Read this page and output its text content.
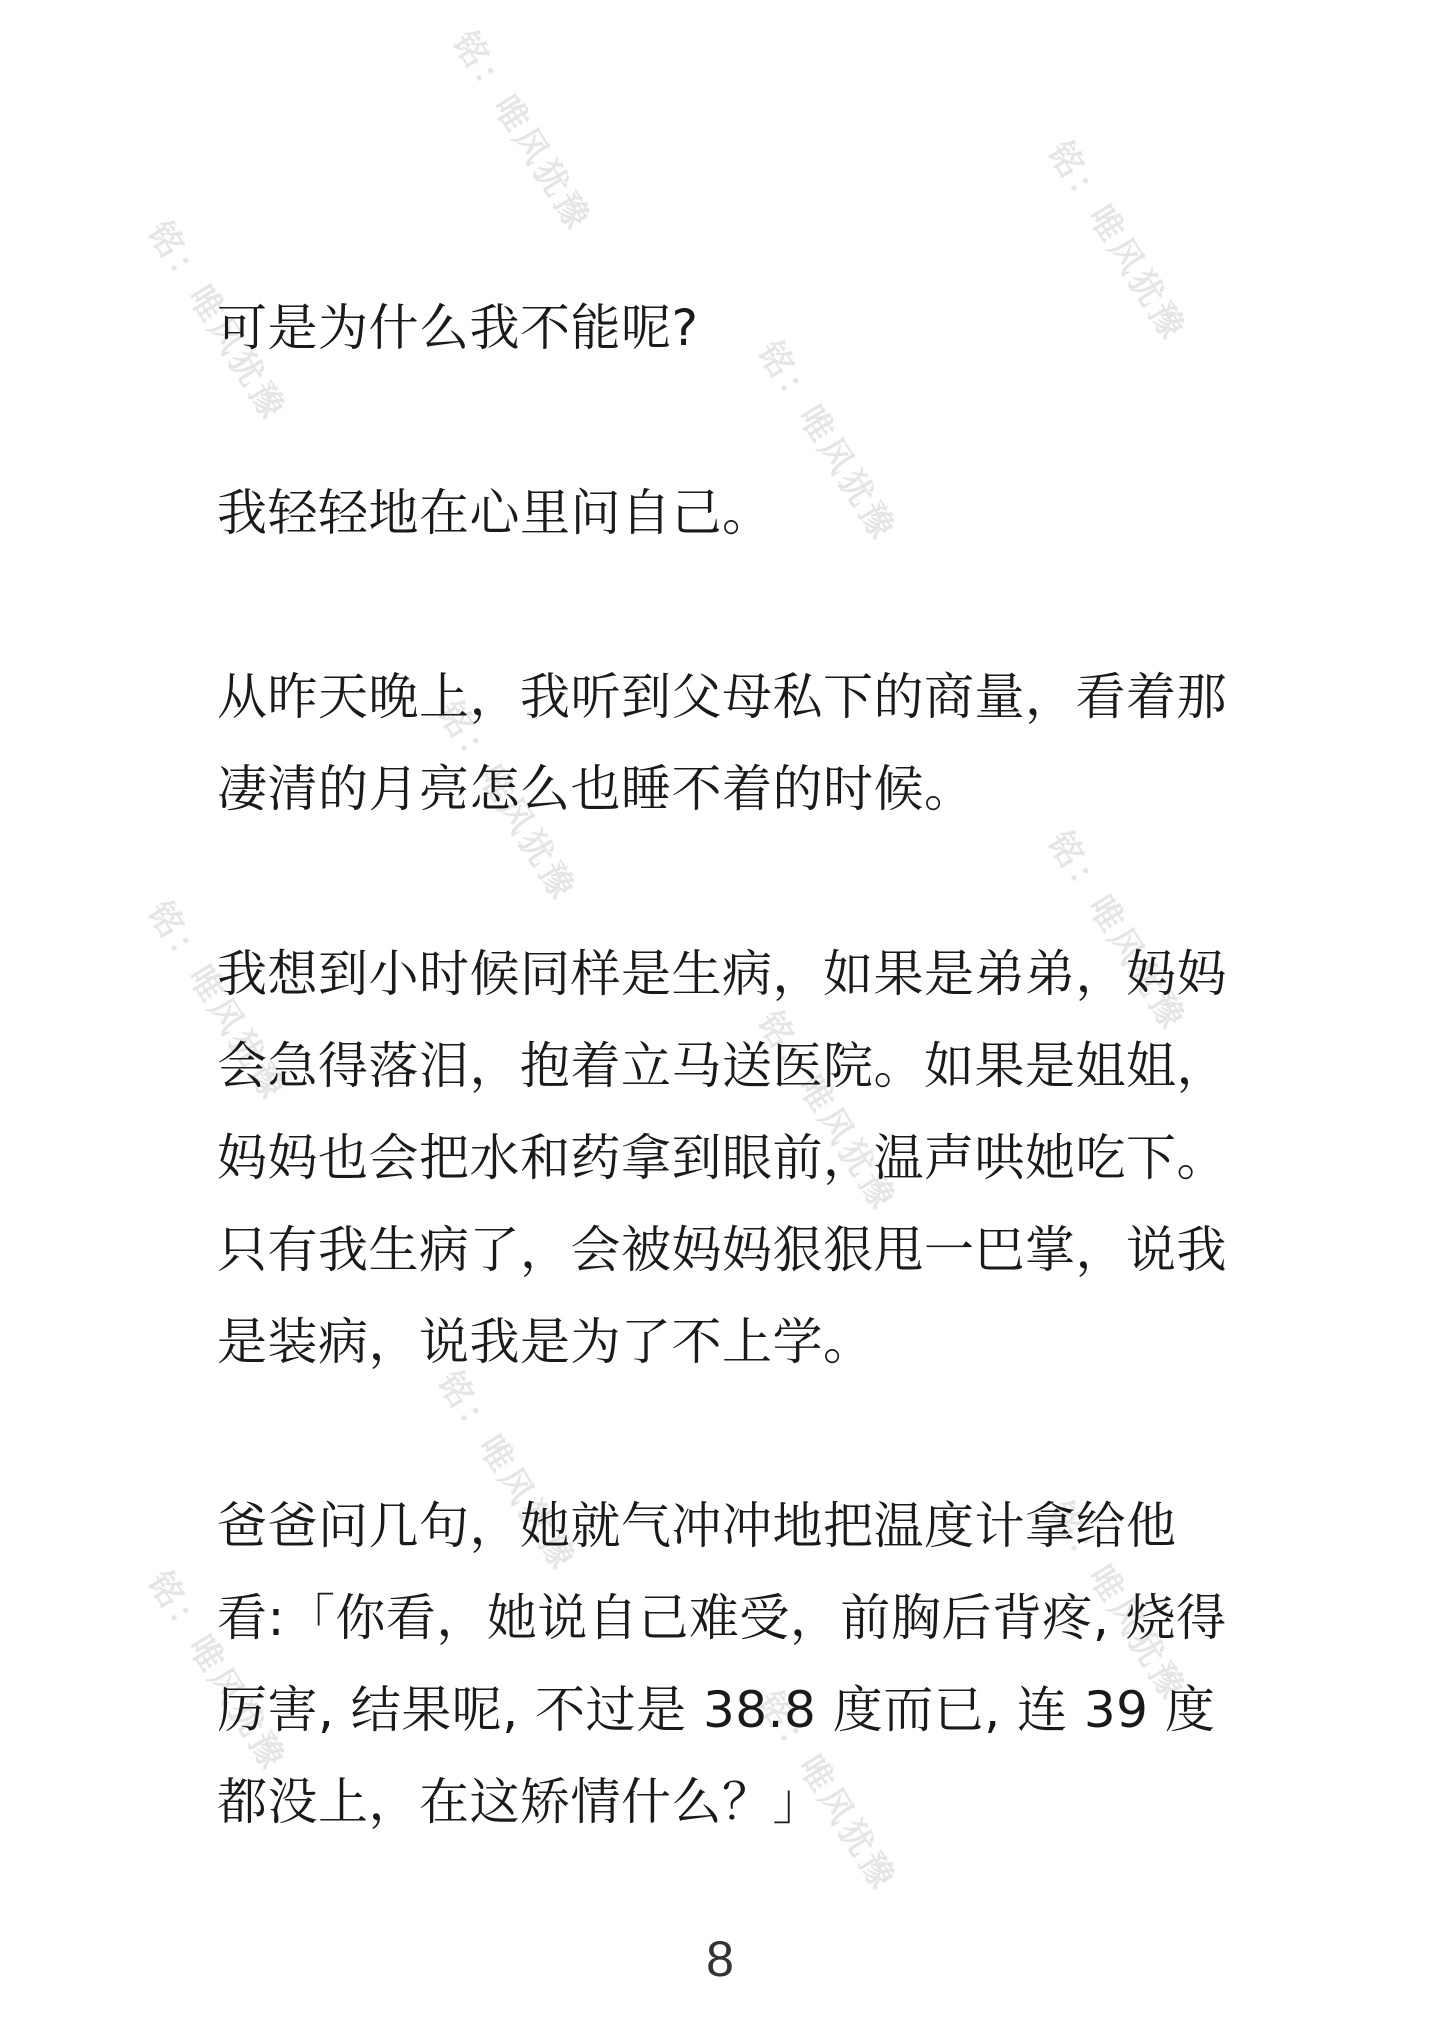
铭：唯风犹豫
铭：唯风犹豫
铭：唯风犹豫
铭：唯风犹豫
铭：唯风犹豫
铭：唯风犹豫
铭：唯风犹豫
铭：唯风犹豫
铭：唯风犹豫
铭：唯风犹豫	铭：唯风犹豫
铭：唯风犹豫

可是为什么我不能呢?

我轻轻地在心里问自己。

从昨天晚上，我听到父母私下的商量，看着那凄清的月亮怎么也睡不着的时候。

我想到小时候同样是生病，如果是弟弟，妈妈会急得落泪，抱着立马送医院。如果是姐姐，妈妈也会把水和药拿到眼前，温声哄她吃下。只有我生病了，会被妈妈狠狠甩一巴掌，说我是装病，说我是为了不上学。

爸爸问几句，她就气冲冲地把温度计拿给他看:「你看，她说自己难受，前胸后背疼, 烧得厉害, 结果呢, 不过是 38.8 度而已, 连 39 度都没上，在这矫情什么？」

8
